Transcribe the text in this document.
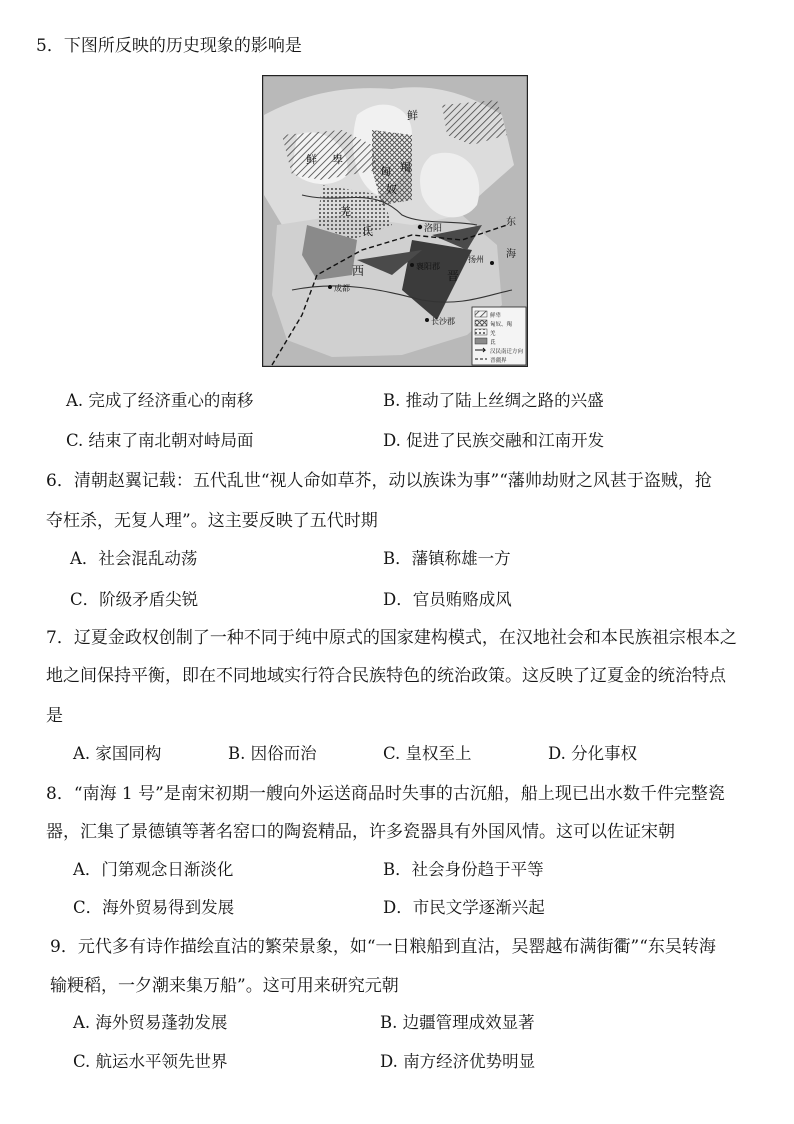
5．下图所反映的历史现象的影响是
鲜
鲜 卑
匈
奴
羯
羌
氐	洛阳
襄阳郡
西	晋
扬州
成都
长沙郡
东
海
鲜卑
匈奴、羯
羌
氐
汉民南迁方向
晋疆界
A. 完成了经济重心的南移	B. 推动了陆上丝绸之路的兴盛
C. 结束了南北朝对峙局面	D. 促进了民族交融和江南开发
6．清朝赵翼记载：五代乱世“视人命如草芥，动以族诛为事”“藩帅劫财之风甚于盗贼，抢
夺枉杀，无复人理”。这主要反映了五代时期
A．社会混乱动荡	B．藩镇称雄一方
C．阶级矛盾尖锐	D．官员贿赂成风
7．辽夏金政权创制了一种不同于纯中原式的国家建构模式，在汉地社会和本民族祖宗根本之
地之间保持平衡，即在不同地域实行符合民族特色的统治政策。这反映了辽夏金的统治特点
是
A. 家国同构	B. 因俗而治	C. 皇权至上	D. 分化事权
8．“南海 1 号”是南宋初期一艘向外运送商品时失事的古沉船，船上现已出水数千件完整瓷
器，汇集了景德镇等著名窑口的陶瓷精品，许多瓷器具有外国风情。这可以佐证宋朝
A．门第观念日渐淡化	B．社会身份趋于平等
C．海外贸易得到发展	D．市民文学逐渐兴起
9．元代多有诗作描绘直沽的繁荣景象，如“一日粮船到直沽，吴罂越布满街衢”“东吴转海
输粳稻，一夕潮来集万船”。这可用来研究元朝
A. 海外贸易蓬勃发展	B. 边疆管理成效显著
C. 航运水平领先世界	D. 南方经济优势明显
